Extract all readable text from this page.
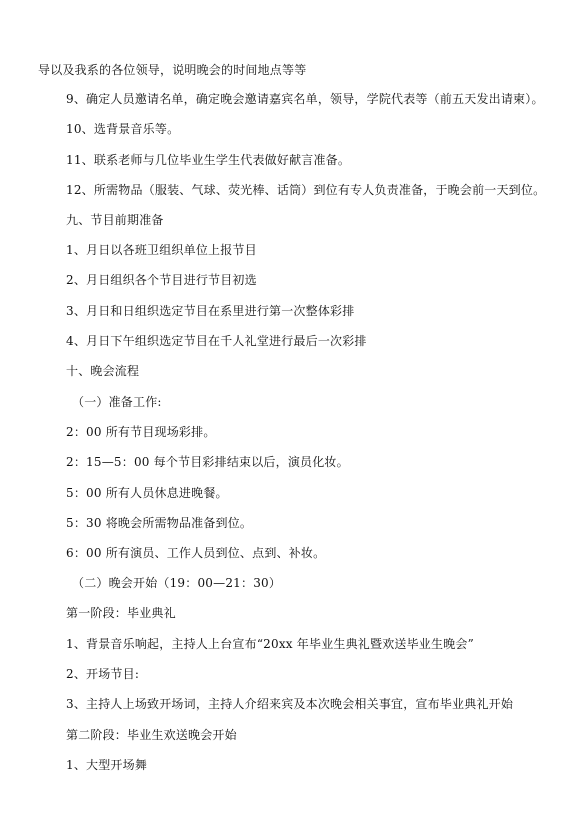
导以及我系的各位领导，说明晚会的时间地点等等
9、确定人员邀请名单，确定晚会邀请嘉宾名单，领导，学院代表等（前五天发出请柬）。
10、选背景音乐等。
11、联系老师与几位毕业生学生代表做好献言准备。
12、所需物品（服装、气球、荧光棒、话筒）到位有专人负责准备，于晚会前一天到位。
九、节目前期准备
1、月日以各班卫组织单位上报节目
2、月日组织各个节目进行节目初选
3、月日和日组织选定节目在系里进行第一次整体彩排
4、月日下午组织选定节目在千人礼堂进行最后一次彩排
十、晚会流程
（一）准备工作:
2：00 所有节目现场彩排。
2：15—5：00 每个节目彩排结束以后，演员化妆。
5：00 所有人员休息进晚餐。
5：30 将晚会所需物品准备到位。
6：00 所有演员、工作人员到位、点到、补妆。
（二）晚会开始（19：00—21：30）
第一阶段：毕业典礼
1、背景音乐响起，主持人上台宣布“20xx 年毕业生典礼暨欢送毕业生晚会”
2、开场节目:
3、主持人上场致开场词，主持人介绍来宾及本次晚会相关事宜，宣布毕业典礼开始
第二阶段：毕业生欢送晚会开始
1、大型开场舞
